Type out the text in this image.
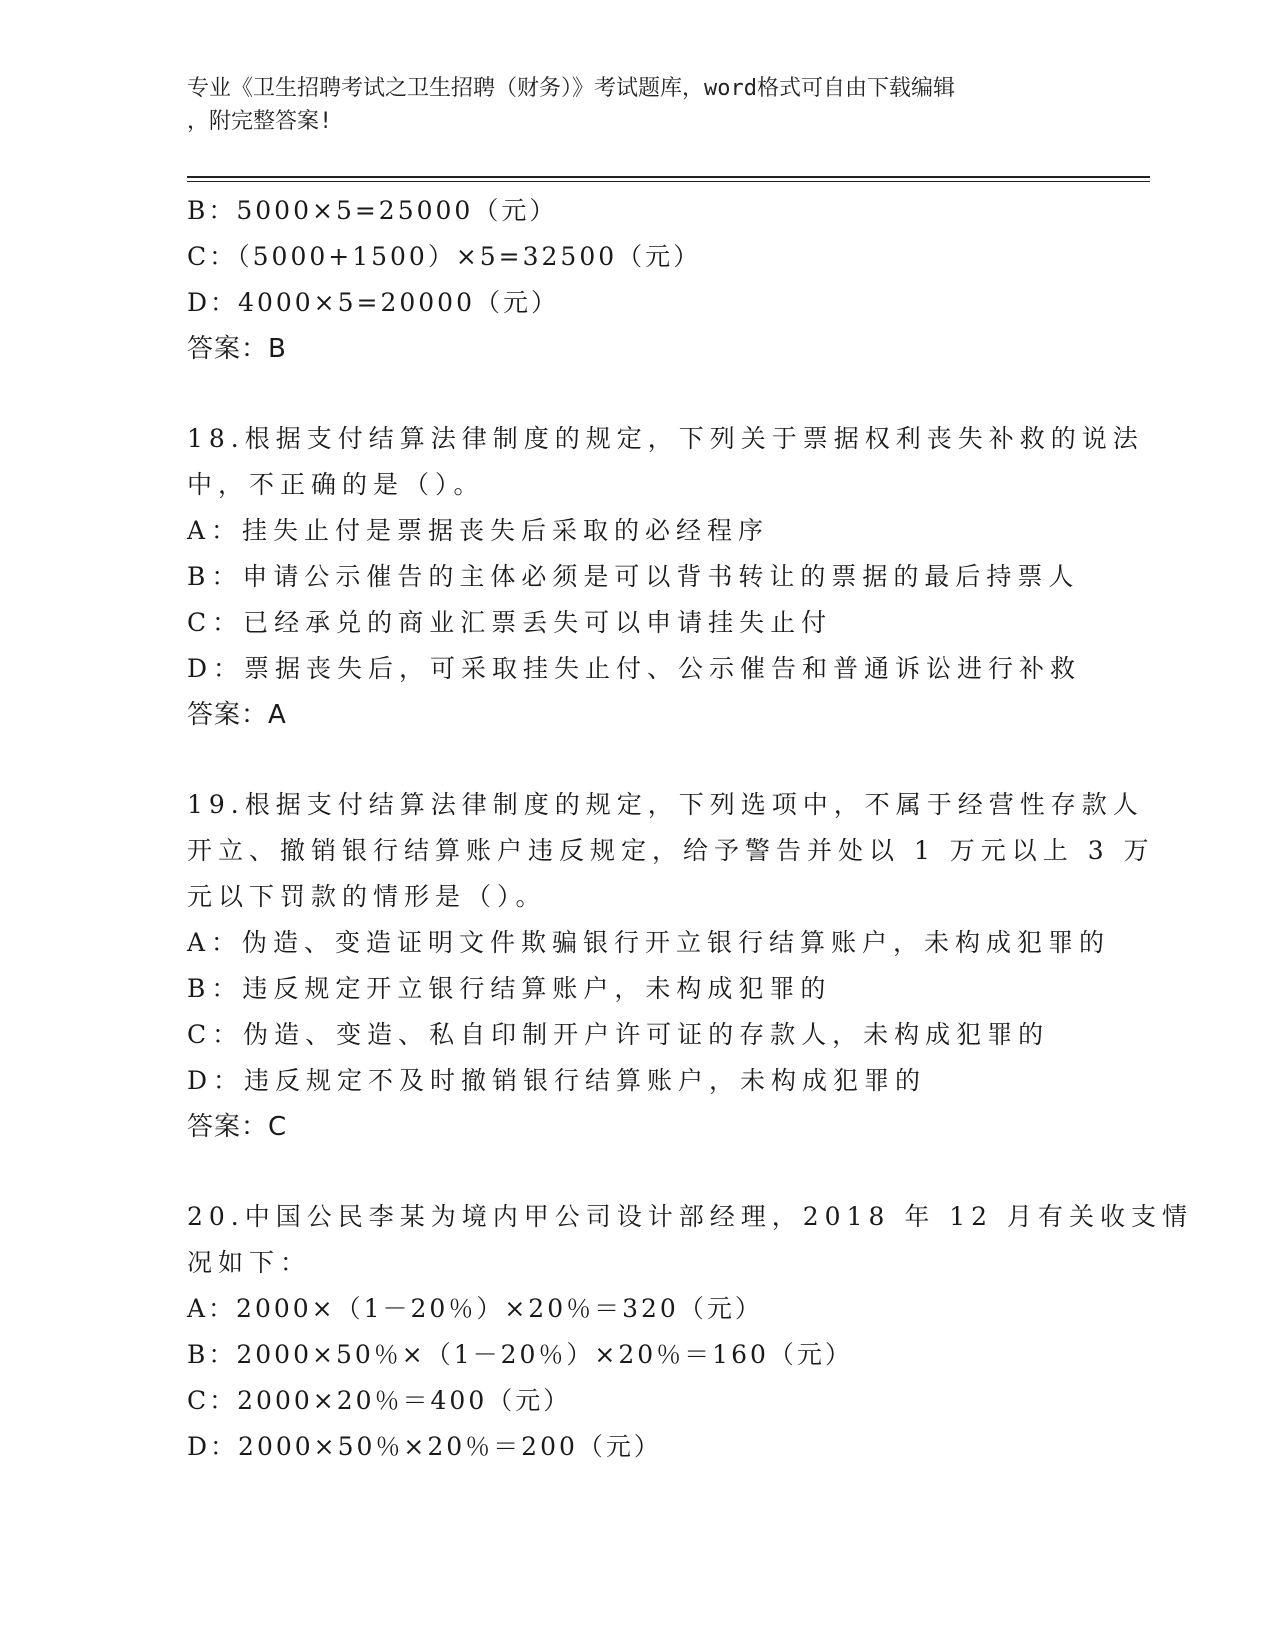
专业《卫生招聘考试之卫生招聘（财务）》考试题库，word格式可自由下载编辑
，附完整答案!
B：5000×5=25000（元）
C：（5000+1500）×5=32500（元）
D：4000×5=20000（元）
答案：B
18.根据支付结算法律制度的规定，下列关于票据权利丧失补救的说法
中，不正确的是（）。
A：挂失止付是票据丧失后采取的必经程序
B：申请公示催告的主体必须是可以背书转让的票据的最后持票人
C：已经承兑的商业汇票丢失可以申请挂失止付
D：票据丧失后，可采取挂失止付、公示催告和普通诉讼进行补救
答案：A
19.根据支付结算法律制度的规定，下列选项中，不属于经营性存款人
开立、撤销银行结算账户违反规定，给予警告并处以 1 万元以上 3 万
元以下罚款的情形是（）。
A：伪造、变造证明文件欺骗银行开立银行结算账户，未构成犯罪的
B：违反规定开立银行结算账户，未构成犯罪的
C：伪造、变造、私自印制开户许可证的存款人，未构成犯罪的
D：违反规定不及时撤销银行结算账户，未构成犯罪的
答案：C
20.中国公民李某为境内甲公司设计部经理，2018 年 12 月有关收支情
况如下：
A：2000×（1－20％）×20％＝320（元）
B：2000×50％×（1－20％）×20％＝160（元）
C：2000×20％＝400（元）
D：2000×50％×20％＝200（元）
